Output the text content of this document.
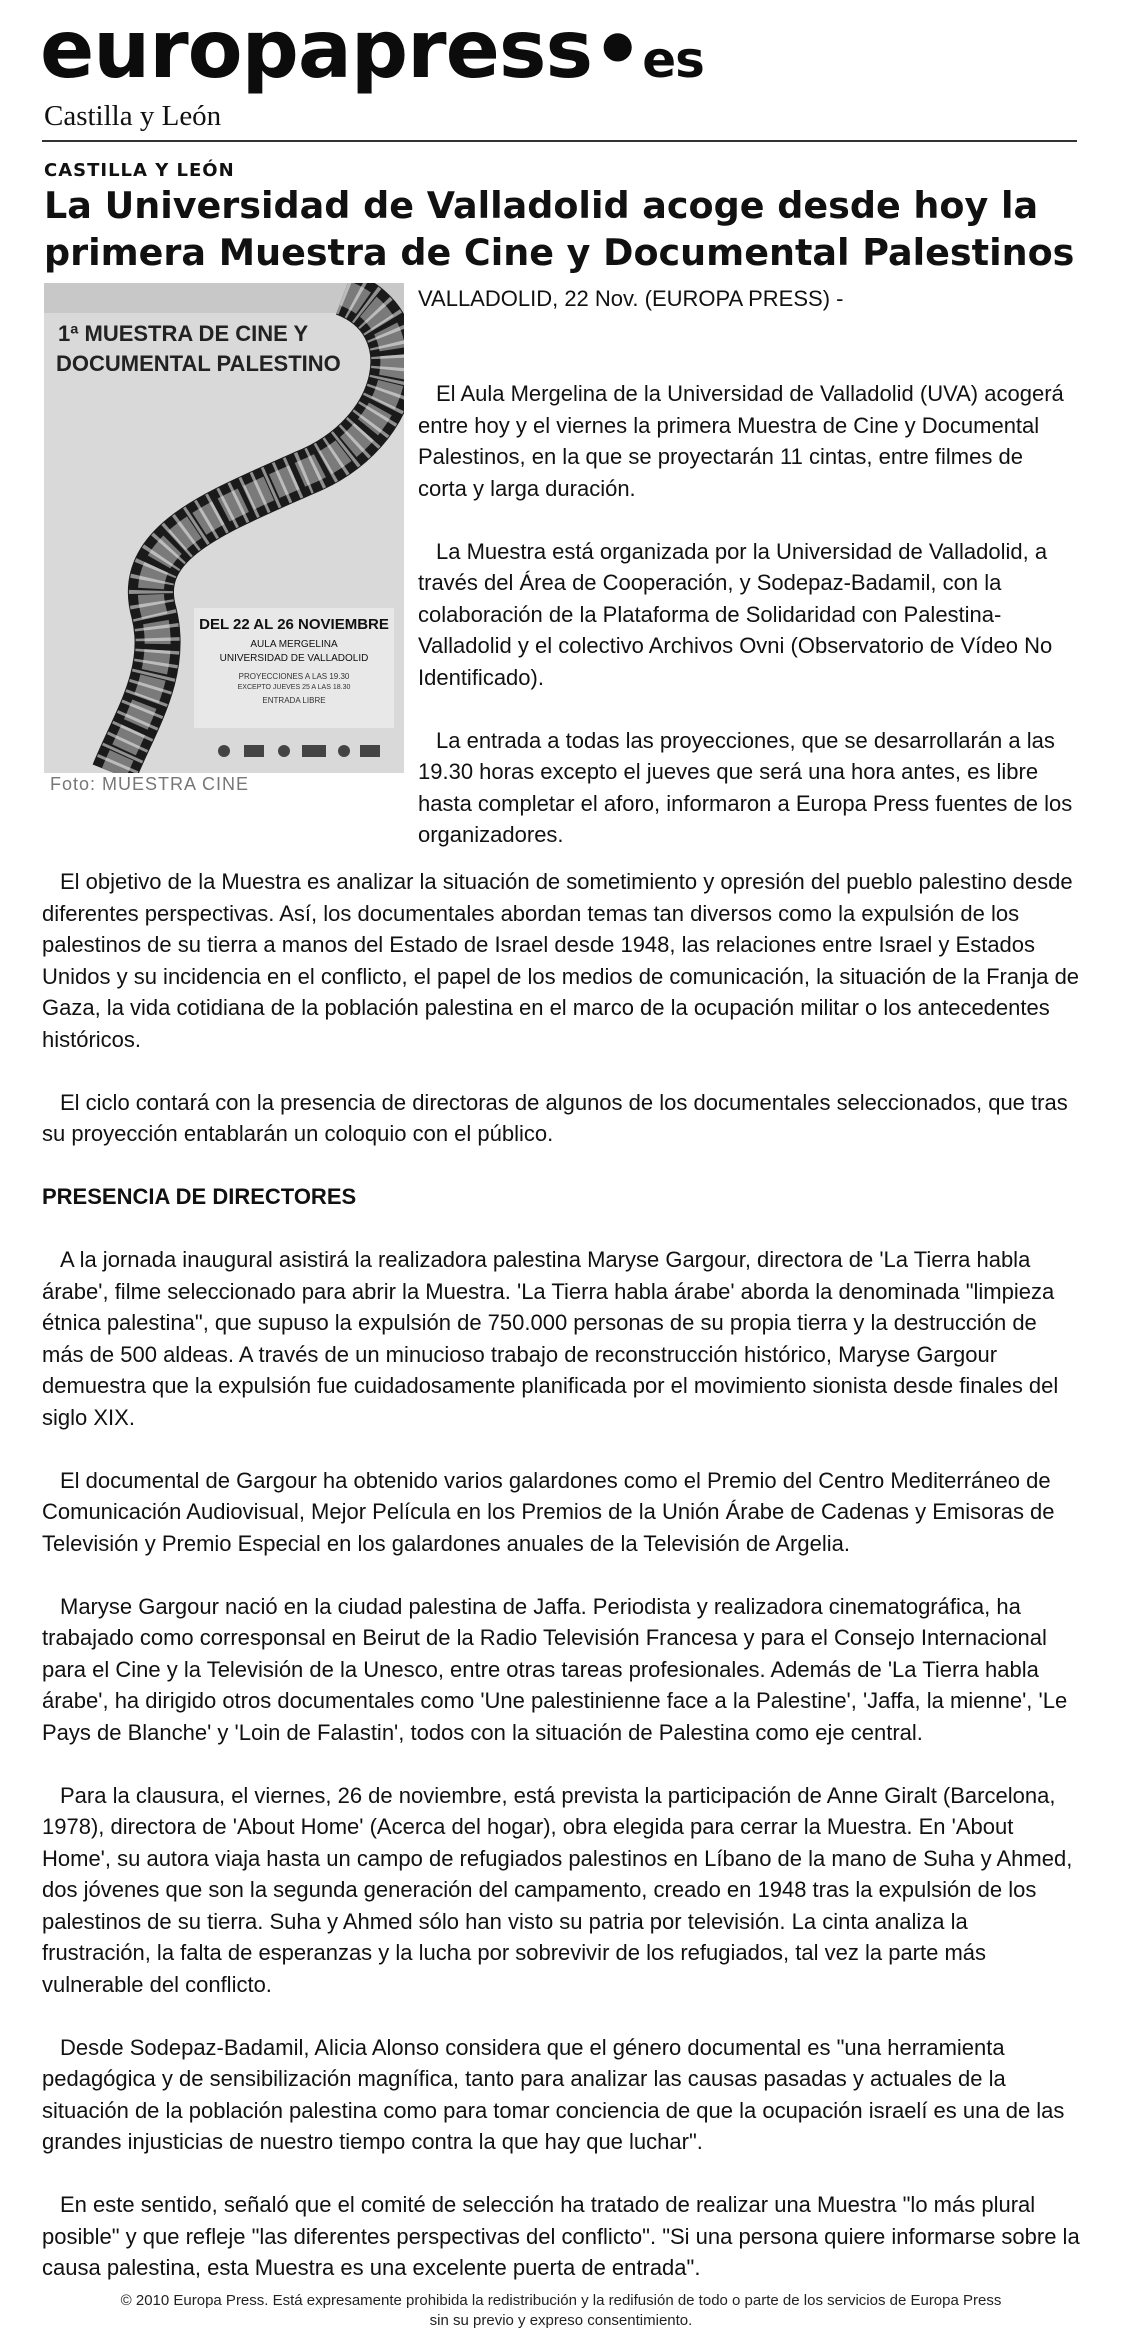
europapress•es
Castilla y León
CASTILLA Y LEÓN
La Universidad de Valladolid acoge desde hoy la primera Muestra de Cine y Documental Palestinos
1ª MUESTRA DE CINE Y
DOCUMENTAL PALESTINO
DEL 22 AL 26 NOVIEMBRE
AULA MERGELINA
UNIVERSIDAD DE VALLADOLID
PROYECCIONES A LAS 19.30
EXCEPTO JUEVES 25 A LAS 18.30
ENTRADA LIBRE
Foto: MUESTRA CINE
VALLADOLID, 22 Nov. (EUROPA PRESS) -

El Aula Mergelina de la Universidad de Valladolid (UVA) acogerá entre hoy y el viernes la primera Muestra de Cine y Documental Palestinos, en la que se proyectarán 11 cintas, entre filmes de corta y larga duración.

La Muestra está organizada por la Universidad de Valladolid, a través del Área de Cooperación, y Sodepaz-Badamil, con la colaboración de la Plataforma de Solidaridad con Palestina-Valladolid y el colectivo Archivos Ovni (Observatorio de Vídeo No Identificado).

La entrada a todas las proyecciones, que se desarrollarán a las 19.30 horas excepto el jueves que será una hora antes, es libre hasta completar el aforo, informaron a Europa Press fuentes de los organizadores.

El objetivo de la Muestra es analizar la situación de sometimiento y opresión del pueblo palestino desde diferentes perspectivas. Así, los documentales abordan temas tan diversos como la expulsión de los palestinos de su tierra a manos del Estado de Israel desde 1948, las relaciones entre Israel y Estados Unidos y su incidencia en el conflicto, el papel de los medios de comunicación, la situación de la Franja de Gaza, la vida cotidiana de la población palestina en el marco de la ocupación militar o los antecedentes históricos.

El ciclo contará con la presencia de directoras de algunos de los documentales seleccionados, que tras su proyección entablarán un coloquio con el público.

PRESENCIA DE DIRECTORES

A la jornada inaugural asistirá la realizadora palestina Maryse Gargour, directora de 'La Tierra habla árabe', filme seleccionado para abrir la Muestra. 'La Tierra habla árabe' aborda la denominada "limpieza étnica palestina", que supuso la expulsión de 750.000 personas de su propia tierra y la destrucción de más de 500 aldeas. A través de un minucioso trabajo de reconstrucción histórico, Maryse Gargour demuestra que la expulsión fue cuidadosamente planificada por el movimiento sionista desde finales del siglo XIX.

El documental de Gargour ha obtenido varios galardones como el Premio del Centro Mediterráneo de Comunicación Audiovisual, Mejor Película en los Premios de la Unión Árabe de Cadenas y Emisoras de Televisión y Premio Especial en los galardones anuales de la Televisión de Argelia.

Maryse Gargour nació en la ciudad palestina de Jaffa. Periodista y realizadora cinematográfica, ha trabajado como corresponsal en Beirut de la Radio Televisión Francesa y para el Consejo Internacional para el Cine y la Televisión de la Unesco, entre otras tareas profesionales. Además de 'La Tierra habla árabe', ha dirigido otros documentales como 'Une palestinienne face a la Palestine', 'Jaffa, la mienne', 'Le Pays de Blanche' y 'Loin de Falastin', todos con la situación de Palestina como eje central.

Para la clausura, el viernes, 26 de noviembre, está prevista la participación de Anne Giralt (Barcelona, 1978), directora de 'About Home' (Acerca del hogar), obra elegida para cerrar la Muestra. En 'About Home', su autora viaja hasta un campo de refugiados palestinos en Líbano de la mano de Suha y Ahmed, dos jóvenes que son la segunda generación del campamento, creado en 1948 tras la expulsión de los palestinos de su tierra. Suha y Ahmed sólo han visto su patria por televisión. La cinta analiza la frustración, la falta de esperanzas y la lucha por sobrevivir de los refugiados, tal vez la parte más vulnerable del conflicto.

Desde Sodepaz-Badamil, Alicia Alonso considera que el género documental es "una herramienta pedagógica y de sensibilización magnífica, tanto para analizar las causas pasadas y actuales de la situación de la población palestina como para tomar conciencia de que la ocupación israelí es una de las grandes injusticias de nuestro tiempo contra la que hay que luchar".

En este sentido, señaló que el comité de selección ha tratado de realizar una Muestra "lo más plural posible" y que refleje "las diferentes perspectivas del conflicto". "Si una persona quiere informarse sobre la causa palestina, esta Muestra es una excelente puerta de entrada".

© 2010 Europa Press. Está expresamente prohibida la redistribución y la redifusión de todo o parte de los servicios de Europa Press
sin su previo y expreso consentimiento.
